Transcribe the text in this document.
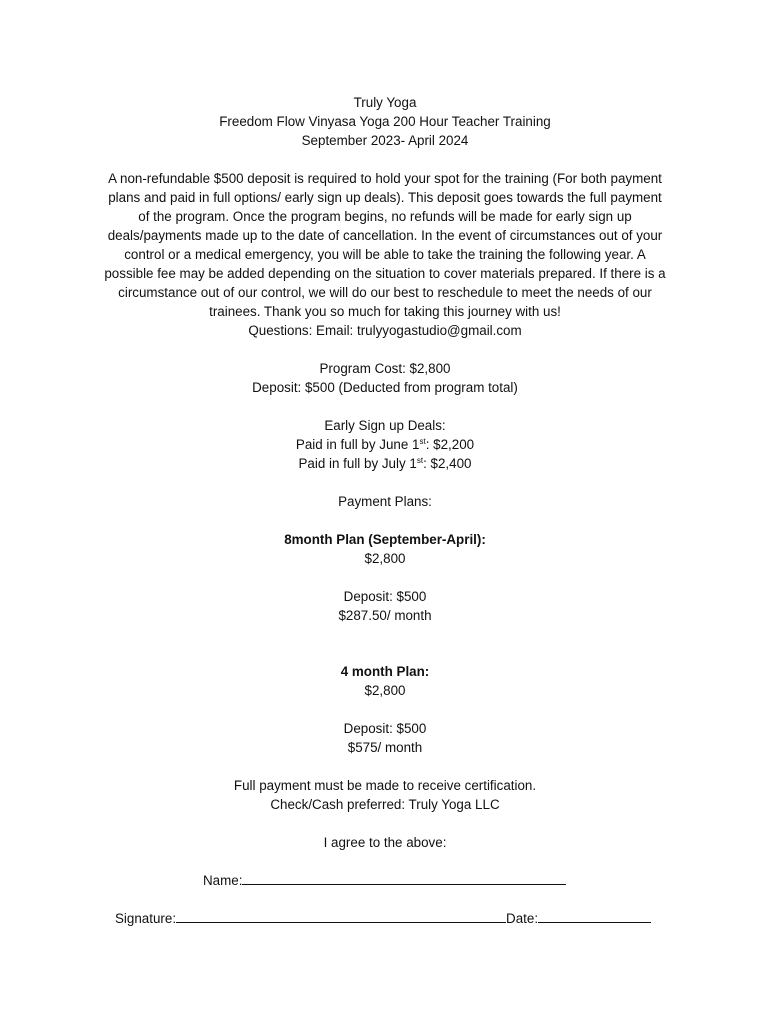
Truly Yoga
Freedom Flow Vinyasa Yoga 200 Hour Teacher Training
September 2023- April 2024
A non-refundable $500 deposit is required to hold your spot for the training (For both payment
plans and paid in full options/ early sign up deals). This deposit goes towards the full payment
of the program. Once the program begins, no refunds will be made for early sign up
deals/payments made up to the date of cancellation. In the event of circumstances out of your
control or a medical emergency, you will be able to take the training the following year. A
possible fee may be added depending on the situation to cover materials prepared. If there is a
circumstance out of our control, we will do our best to reschedule to meet the needs of our
trainees. Thank you so much for taking this journey with us!
Questions: Email: trulyyogastudio@gmail.com
Program Cost: $2,800
Deposit: $500 (Deducted from program total)
Early Sign up Deals:
Paid in full by June 1st: $2,200
Paid in full by July 1st: $2,400
Payment Plans:
8month Plan (September-April):
$2,800
Deposit: $500
$287.50/ month
4 month Plan:
$2,800
Deposit: $500
$575/ month
Full payment must be made to receive certification.
Check/Cash preferred: Truly Yoga LLC
I agree to the above:
Name:
Signature:	Date:
